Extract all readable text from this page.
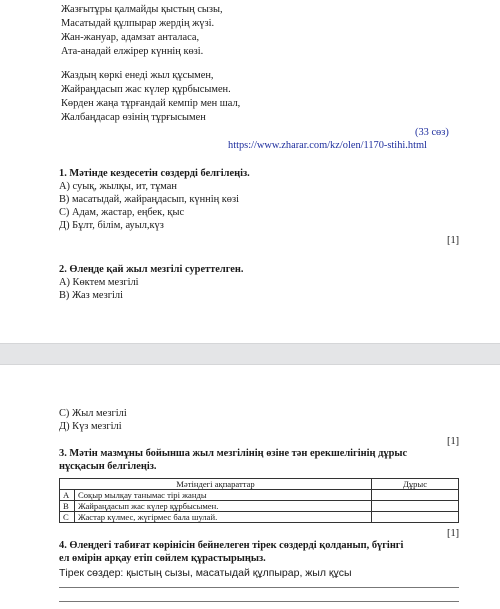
Жазғытұры қалмайды қыстың сызы,
Масатыдай құлпырар жердің жүзі.
Жан-жануар, адамзат анталаса,
Ата-анадай елжірер күннің көзі.
Жаздың көркі енеді жыл құсымен,
Жайраңдасып жас күлер құрбысымен.
Көрден жаңа тұрғандай кемпір мен шал,
Жалбаңдасар өзінің тұрғысымен
(33 сөз)
https://www.zharar.com/kz/olen/1170-stihi.html
1. Мәтінде кездесетін сөздерді белгілеңіз.
А) суық, жылқы, ит, тұман
В) масатыдай, жайраңдасып, күннің көзі
С) Адам, жастар, еңбек, қыс
Д) Бұлт, білім, ауыл,күз
[1]
2. Өлеңде қай жыл мезгілі суреттелген.
А) Көктем мезгілі
В) Жаз мезгілі
С) Жыл мезгілі
Д) Күз мезгілі
[1]
3. Мәтін мазмұны бойынша жыл мезгілінің өзіне тән ерекшелігінің дұрыс
нұсқасын белгілеңіз.
Мәтіндегі ақпараттар		Дұрыс
А	Соқыр мылқау танымас тірі жанды	
В	Жайраңдасып жас күлер құрбысымен.	
С	Жастар күлмес, жүгірмес бала шулай.	
[1]
4. Өлеңдегі табиғат көрінісін бейнелеген тірек сөздерді қолданып, бүгінгі
ел өмірін арқау етіп сөйлем құрастырыңыз.
Тірек сөздер: қыстың сызы, масатыдай құлпырар, жыл құсы
